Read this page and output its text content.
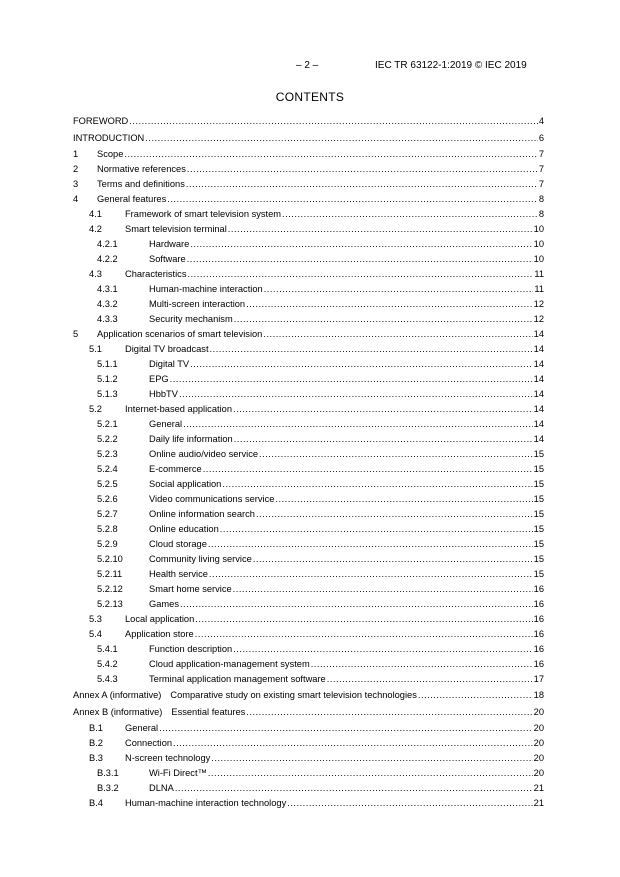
– 2 –	IEC TR 63122-1:2019 © IEC 2019
CONTENTS
FOREWORD .....	4
INTRODUCTION .....	6
1	Scope .....	7
2	Normative references .....	7
3	Terms and definitions .....	7
4	General features .....	8
4.1	Framework of smart television system .....	8
4.2	Smart television terminal .....	10
4.2.1	Hardware .....	10
4.2.2	Software .....	10
4.3	Characteristics .....	11
4.3.1	Human-machine interaction .....	11
4.3.2	Multi-screen interaction .....	12
4.3.3	Security mechanism .....	12
5	Application scenarios of smart television .....	14
5.1	Digital TV broadcast .....	14
5.1.1	Digital TV .....	14
5.1.2	EPG .....	14
5.1.3	HbbTV .....	14
5.2	Internet-based application .....	14
5.2.1	General .....	14
5.2.2	Daily life information .....	14
5.2.3	Online audio/video service .....	15
5.2.4	E-commerce .....	15
5.2.5	Social application .....	15
5.2.6	Video communications service .....	15
5.2.7	Online information search .....	15
5.2.8	Online education .....	15
5.2.9	Cloud storage .....	15
5.2.10	Community living service .....	15
5.2.11	Health service .....	15
5.2.12	Smart home service .....	16
5.2.13	Games .....	16
5.3	Local application .....	16
5.4	Application store .....	16
5.4.1	Function description .....	16
5.4.2	Cloud application-management system .....	16
5.4.3	Terminal application management software .....	17
Annex A (informative) Comparative study on existing smart television technologies .....	18
Annex B (informative) Essential features .....	20
B.1	General .....	20
B.2	Connection .....	20
B.3	N-screen technology .....	20
B.3.1	Wi-Fi Direct™ .....	20
B.3.2	DLNA .....	21
B.4	Human-machine interaction technology .....	21
